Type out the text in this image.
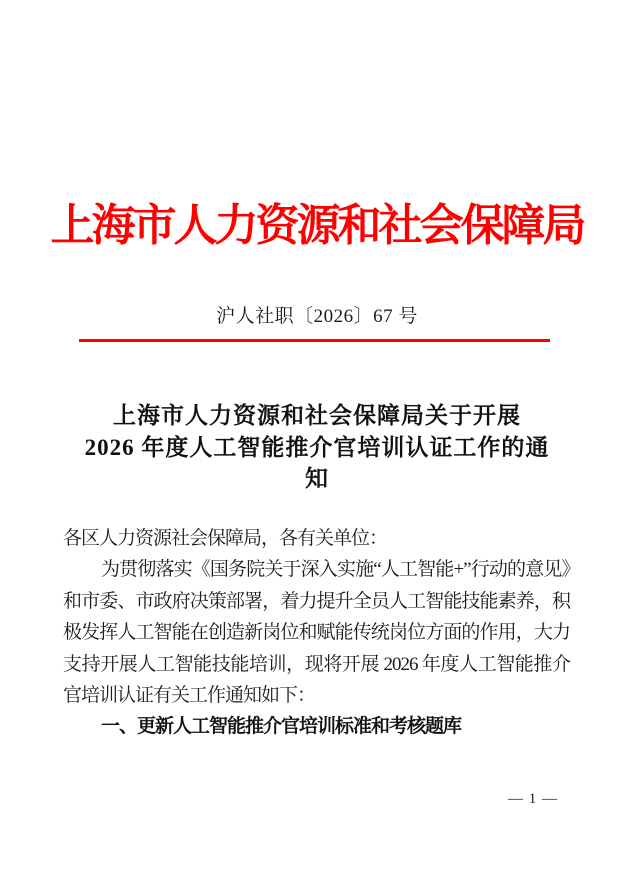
上海市人力资源和社会保障局
沪人社职〔2026〕67 号
上海市人力资源和社会保障局关于开展
2026 年度人工智能推介官培训认证工作的通
知

各区人力资源社会保障局，各有关单位：

为贯彻落实《国务院关于深入实施“人工智能+”行动的意见》和市委、市政府决策部署，着力提升全员人工智能技能素养，积极发挥人工智能在创造新岗位和赋能传统岗位方面的作用，大力支持开展人工智能技能培训，现将开展 2026 年度人工智能推介官培训认证有关工作通知如下：

一、更新人工智能推介官培训标准和考核题库

— 1 —
